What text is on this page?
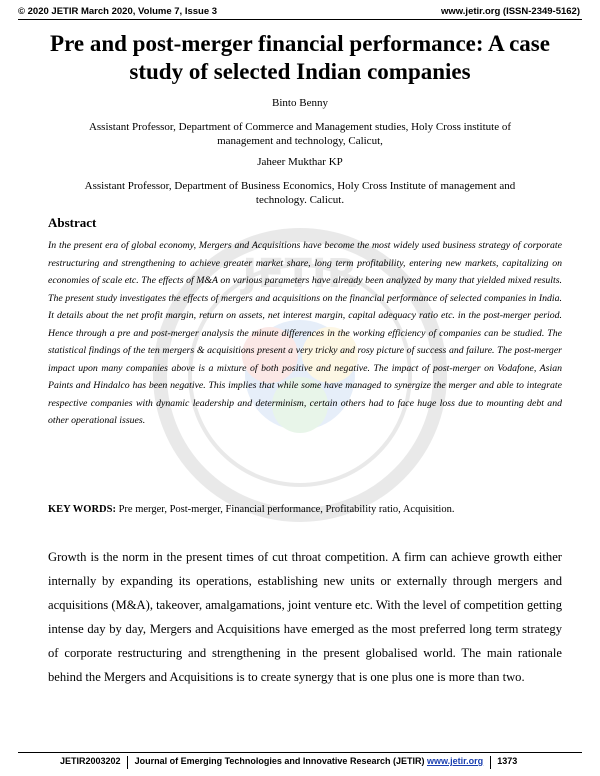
© 2020 JETIR March 2020, Volume 7, Issue 3	www.jetir.org (ISSN-2349-5162)
JETIR
Pre and post-merger financial performance: A case study of selected Indian companies
Binto Benny
Assistant Professor, Department of Commerce and Management studies, Holy Cross institute of management and technology, Calicut,
Jaheer Mukthar KP
Assistant Professor, Department of Business Economics, Holy Cross Institute of management and technology. Calicut.
Abstract
In the present era of global economy, Mergers and Acquisitions have become the most widely used business strategy of corporate restructuring and strengthening to achieve greater market share, long term profitability, entering new markets, capitalizing on economies of scale etc. The effects of M&A on various parameters have already been analyzed by many that yielded mixed results. The present study investigates the effects of mergers and acquisitions on the financial performance of selected companies in India. It details about the net profit margin, return on assets, net interest margin, capital adequacy ratio etc. in the post-merger period. Hence through a pre and post-merger analysis the minute differences in the working efficiency of companies can be studied. The statistical findings of the ten mergers & acquisitions present a very tricky and rosy picture of success and failure. The post-merger impact upon many companies above is a mixture of both positive and negative. The impact of post-merger on Vodafone, Asian Paints and Hindalco has been negative. This implies that while some have managed to synergize the merger and able to integrate respective companies with dynamic leadership and determinism, certain others had to face huge loss due to mounting debt and other operational issues.
KEY WORDS: Pre merger, Post-merger, Financial performance, Profitability ratio, Acquisition.
Growth is the norm in the present times of cut throat competition. A firm can achieve growth either internally by expanding its operations, establishing new units or externally through mergers and acquisitions (M&A), takeover, amalgamations, joint venture etc. With the level of competition getting intense day by day, Mergers and Acquisitions have emerged as the most preferred long term strategy of corporate restructuring and strengthening in the present globalised world. The main rationale behind the Mergers and Acquisitions is to create synergy that is one plus one is more than two.
JETIR2003202 Journal of Emerging Technologies and Innovative Research (JETIR) www.jetir.org 1373
